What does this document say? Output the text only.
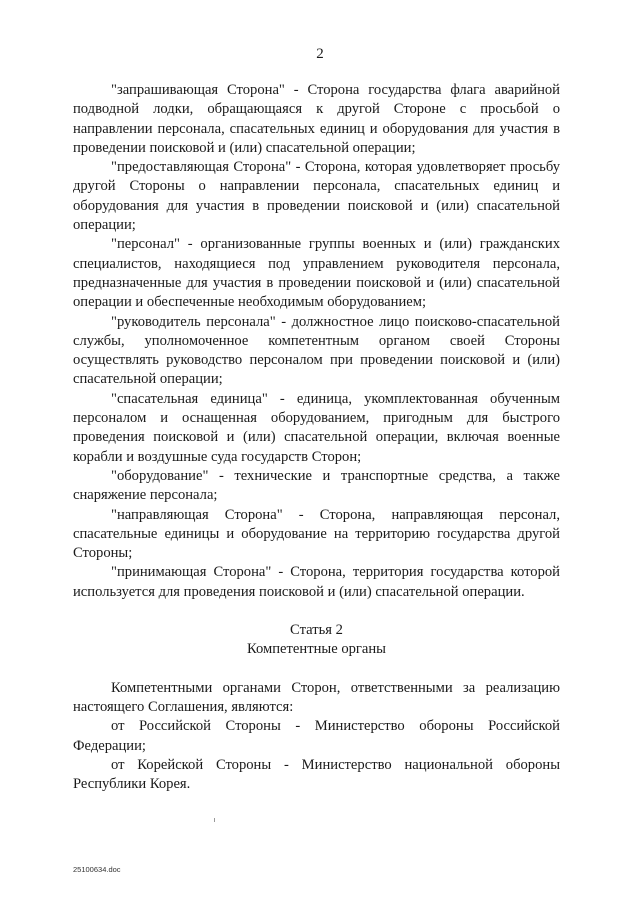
2

"запрашивающая Сторона" - Сторона государства флага аварийной подводной лодки, обращающаяся к другой Стороне с просьбой о направлении персонала, спасательных единиц и оборудования для участия в проведении поисковой и (или) спасательной операции;

"предоставляющая Сторона" - Сторона, которая удовлетворяет просьбу другой Стороны о направлении персонала, спасательных единиц и оборудования для участия в проведении поисковой и (или) спасательной операции;

"персонал" - организованные группы военных и (или) гражданских специалистов, находящиеся под управлением руководителя персонала, предназначенные для участия в проведении поисковой и (или) спасательной операции и обеспеченные необходимым оборудованием;

"руководитель персонала" - должностное лицо поисково-спасательной службы, уполномоченное компетентным органом своей Стороны осуществлять руководство персоналом при проведении поисковой и (или) спасательной операции;

"спасательная единица" - единица, укомплектованная обученным персоналом и оснащенная оборудованием, пригодным для быстрого проведения поисковой и (или) спасательной операции, включая военные корабли и воздушные суда государств Сторон;

"оборудование" - технические и транспортные средства, а также снаряжение персонала;

"направляющая Сторона" - Сторона, направляющая персонал, спасательные единицы и оборудование на территорию государства другой Стороны;

"принимающая Сторона" - Сторона, территория государства которой используется для проведения поисковой и (или) спасательной операции.

Статья 2
Компетентные органы

Компетентными органами Сторон, ответственными за реализацию настоящего Соглашения, являются:

от Российской Стороны - Министерство обороны Российской Федерации;

от Корейской Стороны - Министерство национальной обороны Республики Корея.

25100634.doc
